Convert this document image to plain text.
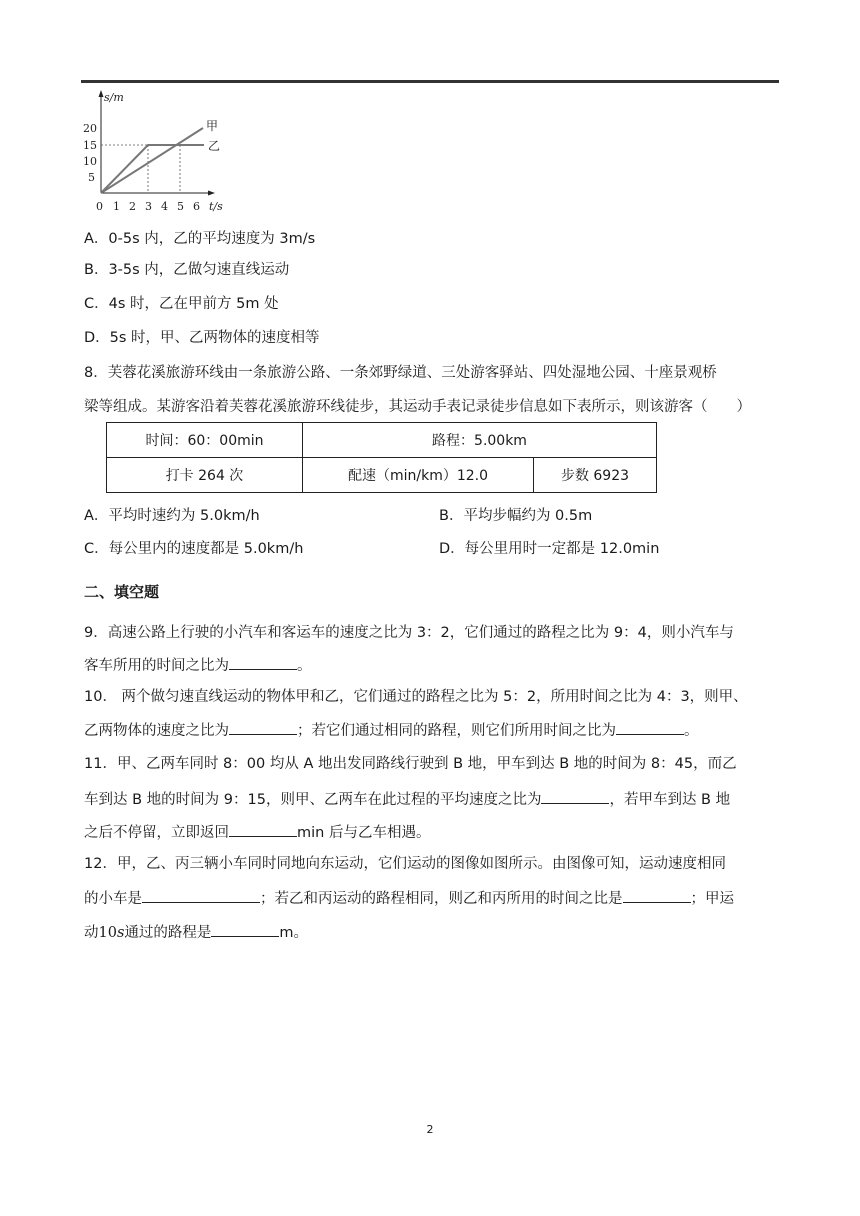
s/m
t/s
20
15
10
5
0 1 2 3 4 5 6
甲
乙
A．0-5s 内，乙的平均速度为 3m/s
B．3-5s 内，乙做匀速直线运动
C．4s 时，乙在甲前方 5m 处
D．5s 时，甲、乙两物体的速度相等
8．芙蓉花溪旅游环线由一条旅游公路、一条郊野绿道、三处游客驿站、四处湿地公园、十座景观桥
梁等组成。某游客沿着芙蓉花溪旅游环线徒步，其运动手表记录徒步信息如下表所示，则该游客（　　）
时间：60：00min	路程：5.00km	
打卡 264 次	配速（min/km）12.0	步数 6923
A．平均时速约为 5.0km/h	B．平均步幅约为 0.5m
C．每公里内的速度都是 5.0km/h	D．每公里用时一定都是 12.0min
二、填空题
9．高速公路上行驶的小汽车和客运车的速度之比为 3：2，它们通过的路程之比为 9：4，则小汽车与
客车所用的时间之比为	。
10． 两个做匀速直线运动的物体甲和乙，它们通过的路程之比为 5：2，所用时间之比为 4：3，则甲、
乙两物体的速度之比为	；若它们通过相同的路程，则它们所用时间之比为	。
11．甲、乙两车同时 8：00 均从 A 地出发同路线行驶到 B 地，甲车到达 B 地的时间为 8：45，而乙
车到达 B 地的时间为 9：15，则甲、乙两车在此过程的平均速度之比为	，若甲车到达 B 地
之后不停留，立即返回	min 后与乙车相遇。
12．甲，乙、丙三辆小车同时同地向东运动，它们运动的图像如图所示。由图像可知，运动速度相同
的小车是	；若乙和丙运动的路程相同，则乙和丙所用的时间之比是	；甲运
动10s通过的路程是	m。
2
